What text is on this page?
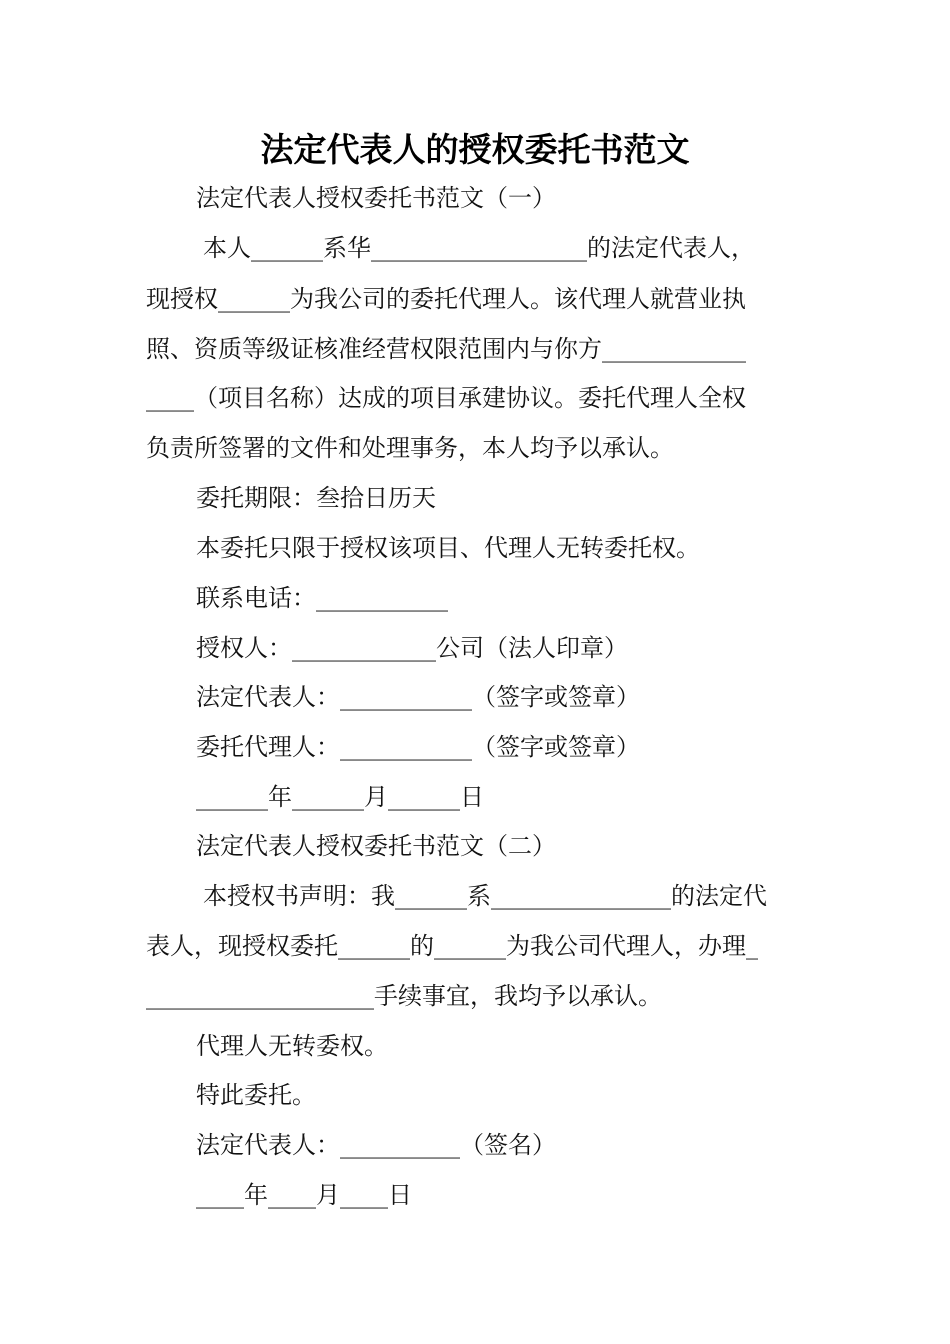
法定代表人的授权委托书范文
法定代表人授权委托书范文（一）
本人______系华__________________的法定代表人，
现授权______为我公司的委托代理人。该代理人就营业执
照、资质等级证核准经营权限范围内与你方____________
____（项目名称）达成的项目承建协议。委托代理人全权
负责所签署的文件和处理事务，本人均予以承认。
委托期限：叁拾日历天
本委托只限于授权该项目、代理人无转委托权。
联系电话：___________
授权人：____________公司（法人印章）
法定代表人：___________（签字或签章）
委托代理人：___________（签字或签章）
______年______月______日
法定代表人授权委托书范文（二）
本授权书声明：我______系_______________的法定代
表人，现授权委托______的______为我公司代理人，办理_
___________________手续事宜，我均予以承认。
代理人无转委权。
特此委托。
法定代表人：__________（签名）
____年____月____日
